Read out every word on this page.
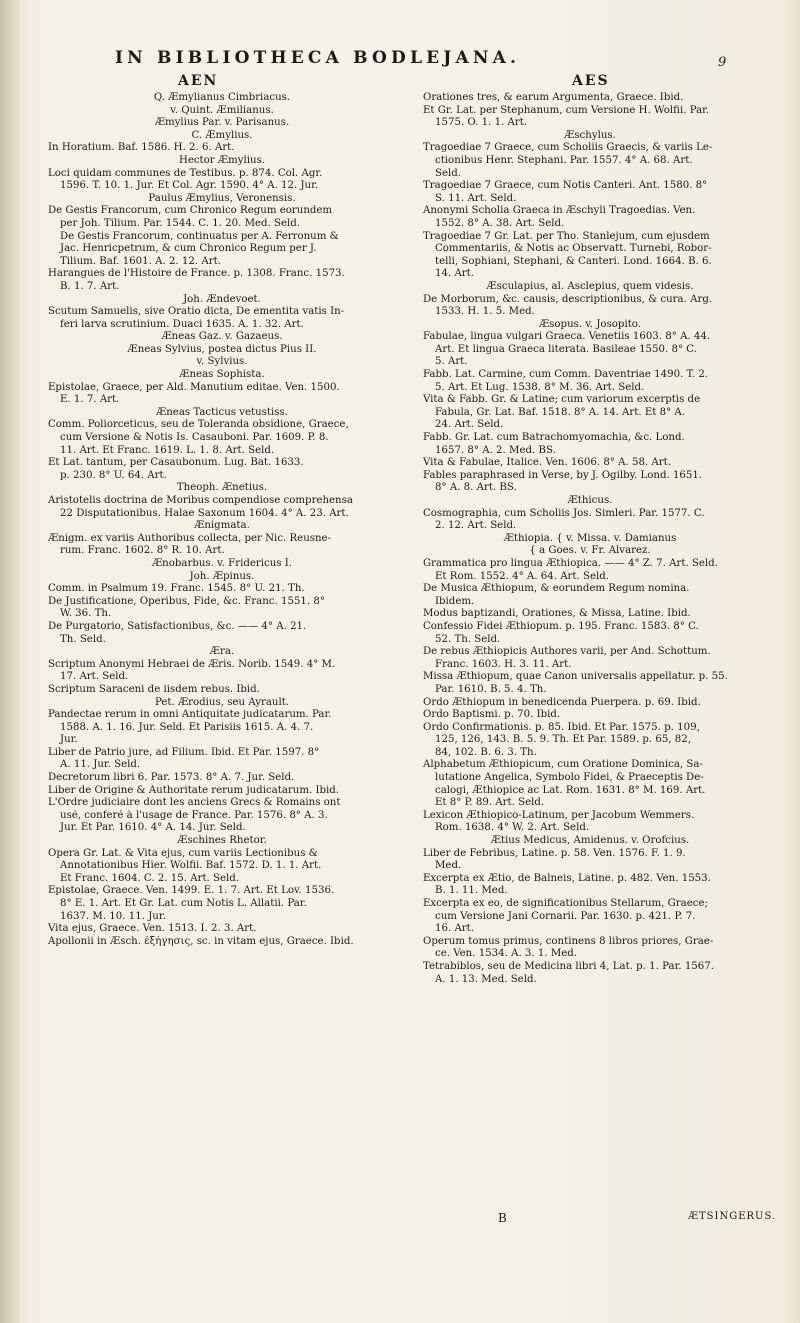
IN BIBLIOTHECA BODLEJANA.	9
AEN	AES
Q. Æmylianus Cimbriacus.
v. Quint. Æmilianus.
Æmylius Par. v. Parisanus.
C. Æmylius.
In Horatium. Baf. 1586. H. 2. 6. Art.
Hector Æmylius.
Loci quidam communes de Testibus. p. 874. Col. Agr.
1596. T. 10. 1. Jur. Et Col. Agr. 1590. 4° A. 12. Jur.
Paulus Æmylius, Veronensis.
De Gestis Francorum, cum Chronico Regum eorundem
per Joh. Tilium. Par. 1544. C. 1. 20. Med. Seld.
De Gestis Francorum, continuatus per A. Ferronum &
Jac. Henricpetrum, & cum Chronico Regum per J.
Tilium. Baf. 1601. A. 2. 12. Art.
Harangues de l'Histoire de France. p. 1308. Franc. 1573.
B. 1. 7. Art.
Joh. Ændevoet.
Scutum Samuelis, sive Oratio dicta, De ementita vatis In-
feri larva scrutinium. Duaci 1635. A. 1. 32. Art.
Æneas Gaz. v. Gazaeus.
Æneas Sylvius, postea dictus Pius II.
v. Sylvius.
Æneas Sophista.
Epistolae, Graece, per Ald. Manutium editae. Ven. 1500.
E. 1. 7. Art.
Æneas Tacticus vetustiss.
Comm. Poliorceticus, seu de Toleranda obsidione, Graece,
cum Versione & Notis Is. Casauboni. Par. 1609. P. 8.
11. Art. Et Franc. 1619. L. 1. 8. Art. Seld.
Et Lat. tantum, per Casaubonum. Lug. Bat. 1633.
p. 230. 8° U. 64. Art.
Theoph. Ænetius.
Aristotelis doctrina de Moribus compendiose comprehensa
22 Disputationibus. Halae Saxonum 1604. 4° A. 23. Art.
Ænigmata.
Ænigm. ex variis Authoribus collecta, per Nic. Reusne-
rum. Franc. 1602. 8° R. 10. Art.
Ænobarbus. v. Fridericus I.
Joh. Æpinus.
Comm. in Psalmum 19. Franc. 1545. 8° U. 21. Th.
De Justificatione, Operibus, Fide, &c. Franc. 1551. 8°
W. 36. Th.
De Purgatorio, Satisfactionibus, &c. —— 4° A. 21.
Th. Seld.
Æra.
Scriptum Anonymi Hebraei de Æris. Norib. 1549. 4° M.
17. Art. Seld.
Scriptum Saraceni de iisdem rebus. Ibid.
Pet. Ærodius, seu Ayrault.
Pandectae rerum in omni Antiquitate judicatarum. Par.
1588. A. 1. 16. Jur. Seld. Et Parisiis 1615. A. 4. 7.
Jur.
Liber de Patrio jure, ad Filium. Ibid. Et Par. 1597. 8°
A. 11. Jur. Seld.
Decretorum libri 6. Par. 1573. 8° A. 7. Jur. Seld.
Liber de Origine & Authoritate rerum judicatarum. Ibid.
L'Ordre judiciaire dont les anciens Grecs & Romains ont
usé, conferé à l'usage de France. Par. 1576. 8° A. 3.
Jur. Et Par. 1610. 4° A. 14. Jur. Seld.
Æschines Rhetor.
Opera Gr. Lat. & Vita ejus, cum variis Lectionibus &
Annotationibus Hier. Wolfii. Baf. 1572. D. 1. 1. Art.
Et Franc. 1604. C. 2. 15. Art. Seld.
Epistolae, Graece. Ven. 1499. E. 1. 7. Art. Et Lov. 1536.
8° E. 1. Art. Et Gr. Lat. cum Notis L. Allatii. Par.
1637. M. 10. 11. Jur.
Vita ejus, Graece. Ven. 1513. I. 2. 3. Art.
Apollonii in Æsch. ἐξήγησις, sc. in vitam ejus, Graece. Ibid.
Orationes tres, & earum Argumenta, Graece. Ibid.
Et Gr. Lat. per Stephanum, cum Versione H. Wolfii. Par.
1575. O. 1. 1. Art.
Æschylus.
Tragoediae 7 Graece, cum Scholiis Graecis, & variis Le-
ctionibus Henr. Stephani. Par. 1557. 4° A. 68. Art.
Seld.
Tragoediae 7 Graece, cum Notis Canteri. Ant. 1580. 8°
S. 11. Art. Seld.
Anonymi Scholia Graeca in Æschyli Tragoedias. Ven.
1552. 8° A. 38. Art. Seld.
Tragoediae 7 Gr. Lat. per Tho. Stanlejum, cum ejusdem
Commentariis, & Notis ac Observatt. Turnebi, Robor-
telli, Sophiani, Stephani, & Canteri. Lond. 1664. B. 6.
14. Art.
Æsculapius, al. Asclepius, quem videsis.
De Morborum, &c. causis, descriptionibus, & cura. Arg.
1533. H. 1. 5. Med.
Æsopus. v. Josopito.
Fabulae, lingua vulgari Graeca. Venetiis 1603. 8° A. 44.
Art. Et lingua Graeca literata. Basileae 1550. 8° C.
5. Art.
Fabb. Lat. Carmine, cum Comm. Daventriae 1490. T. 2.
5. Art. Et Lug. 1538. 8° M. 36. Art. Seld.
Vita & Fabb. Gr. & Latine; cum variorum excerptis de
Fabula, Gr. Lat. Baf. 1518. 8° A. 14. Art. Et 8° A.
24. Art. Seld.
Fabb. Gr. Lat. cum Batrachomyomachia, &c. Lond.
1657. 8° A. 2. Med. BS.
Vita & Fabulae, Italice. Ven. 1606. 8° A. 58. Art.
Fables paraphrased in Verse, by J. Ogilby. Lond. 1651.
8° A. 8. Art. BS.
Æthicus.
Cosmographia, cum Scholiis Jos. Simleri. Par. 1577. C.
2. 12. Art. Seld.
Æthiopia. { v. Missa. v. Damianus
{ a Goes. v. Fr. Alvarez.
Grammatica pro lingua Æthiopica. —— 4° Z. 7. Art. Seld.
Et Rom. 1552. 4° A. 64. Art. Seld.
De Musica Æthiopum, & eorundem Regum nomina.
Ibidem.
Modus baptizandi, Orationes, & Missa, Latine. Ibid.
Confessio Fidei Æthiopum. p. 195. Franc. 1583. 8° C.
52. Th. Seld.
De rebus Æthiopicis Authores varii, per And. Schottum.
Franc. 1603. H. 3. 11. Art.
Missa Æthiopum, quae Canon universalis appellatur. p. 55.
Par. 1610. B. 5. 4. Th.
Ordo Æthiopum in benedicenda Puerpera. p. 69. Ibid.
Ordo Baptismi. p. 70. Ibid.
Ordo Confirmationis. p. 85. Ibid. Et Par. 1575. p. 109,
125, 126, 143. B. 5. 9. Th. Et Par. 1589. p. 65, 82,
84, 102. B. 6. 3. Th.
Alphabetum Æthiopicum, cum Oratione Dominica, Sa-
lutatione Angelica, Symbolo Fidei, & Praeceptis De-
calogi, Æthiopice ac Lat. Rom. 1631. 8° M. 169. Art.
Et 8° P. 89. Art. Seld.
Lexicon Æthiopico-Latinum, per Jacobum Wemmers.
Rom. 1638. 4° W. 2. Art. Seld.
Ætius Medicus, Amidenus. v. Orofcius.
Liber de Febribus, Latine. p. 58. Ven. 1576. F. 1. 9.
Med.
Excerpta ex Ætio, de Balneis, Latine. p. 482. Ven. 1553.
B. 1. 11. Med.
Excerpta ex eo, de significationibus Stellarum, Graece;
cum Versione Jani Cornarii. Par. 1630. p. 421. P. 7.
16. Art.
Operum tomus primus, continens 8 libros priores, Grae-
ce. Ven. 1534. A. 3. 1. Med.
Tetrabiblos, seu de Medicina libri 4, Lat. p. 1. Par. 1567.
A. 1. 13. Med. Seld.
B	ÆTSINGERUS.
